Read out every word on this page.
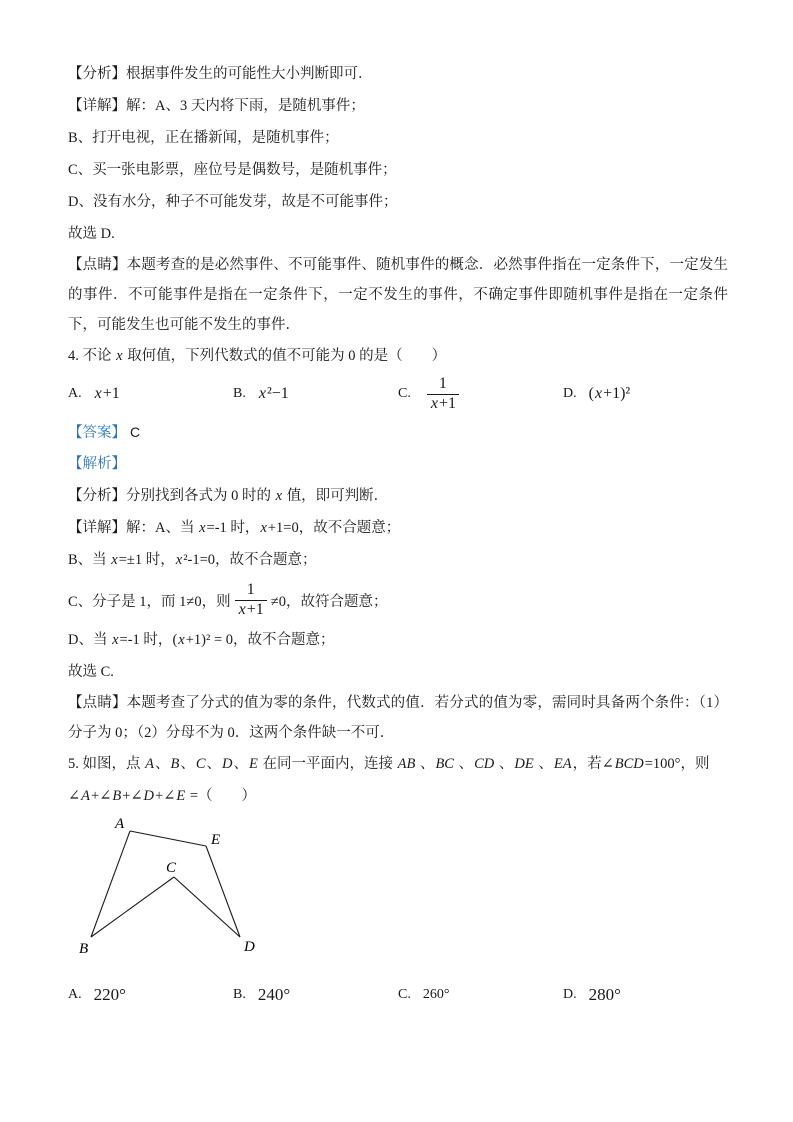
【分析】根据事件发生的可能性大小判断即可．
【详解】解：A、3 天内将下雨，是随机事件；
B、打开电视，正在播新闻，是随机事件；
C、买一张电影票，座位号是偶数号，是随机事件；
D、没有水分，种子不可能发芽，故是不可能事件；
故选 D.
【点睛】本题考查的是必然事件、不可能事件、随机事件的概念．必然事件指在一定条件下，一定发生的事件．不可能事件是指在一定条件下，一定不发生的事件，不确定事件即随机事件是指在一定条件下，可能发生也可能不发生的事件．
4. 不论 x 取何值，下列代数式的值不可能为 0 的是（　　）
A. x+1	B. x²−1	C. $\frac{1}{x+1}$	D. (x+1)²
【答案】 C
【解析】
【分析】分别找到各式为 0 时的 x 值，即可判断．
【详解】解：A、当 x=-1 时，x+1=0，故不合题意；
B、当 x=±1 时，x²-1=0，故不合题意；
C、分子是 1，而 1≠0，则 $\frac{1}{x+1} \ne 0$，故符合题意；
D、当 x=-1 时，(x+1)² = 0，故不合题意；
故选 C.
【点睛】本题考查了分式的值为零的条件，代数式的值．若分式的值为零，需同时具备两个条件：（1）分子为 0；（2）分母不为 0．这两个条件缺一不可．
5. 如图，点 A、B、C、D、E 在同一平面内，连接 AB 、BC 、CD 、DE 、EA，若∠BCD=100°，则
∠A+∠B+∠D+∠E =（　　）
A
E
C
B	D
A. 220°	B. 240°	C. 260°	D. 280°
